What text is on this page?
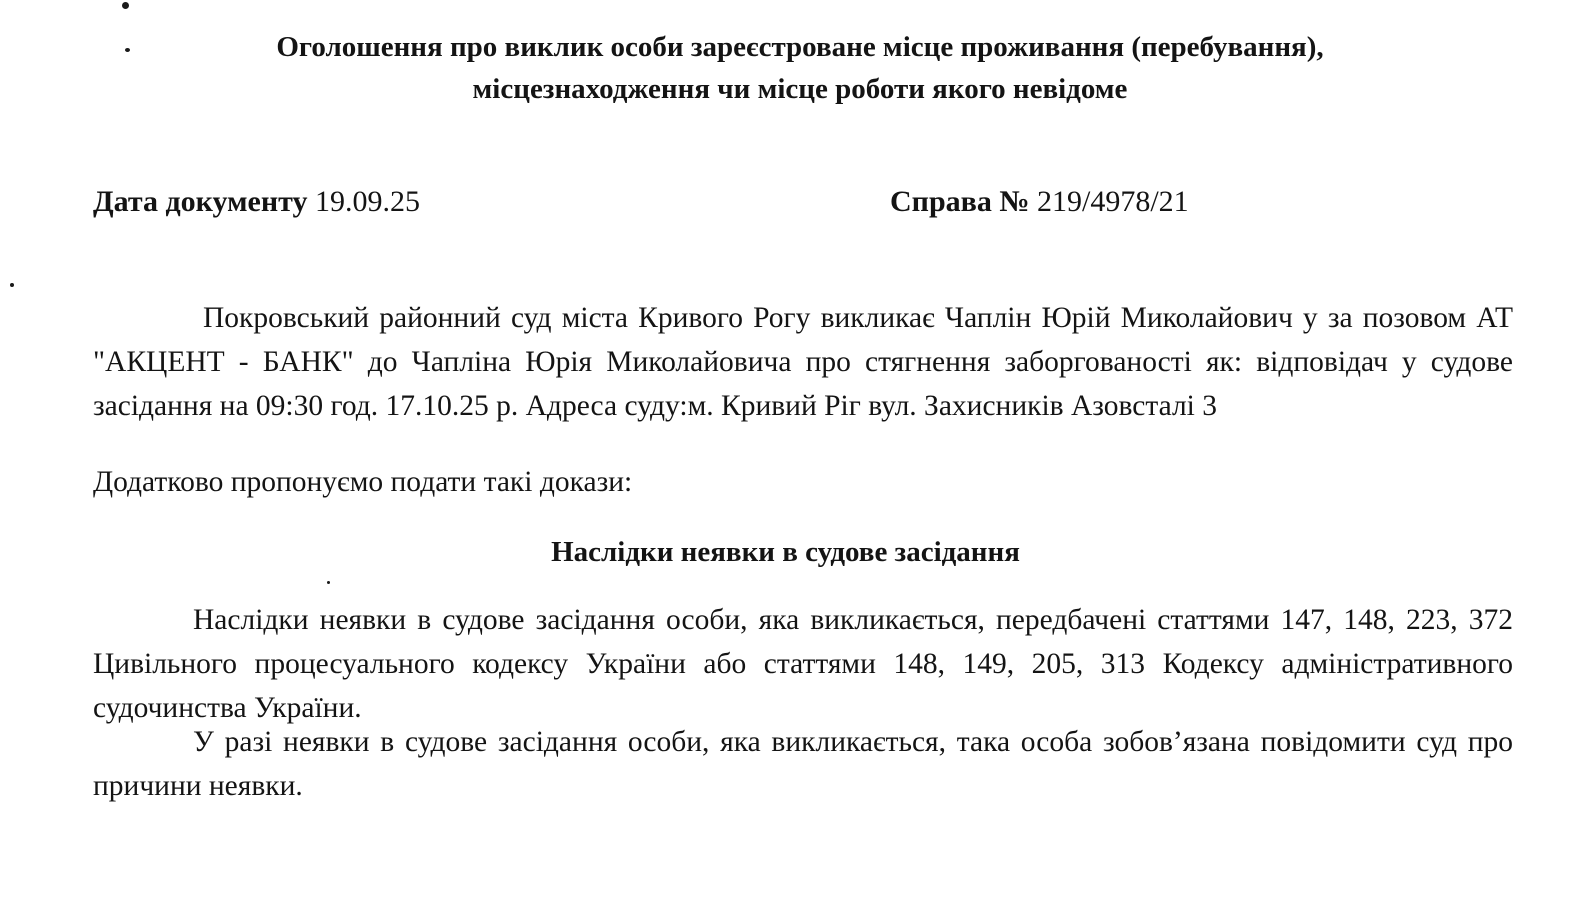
Оголошення про виклик особи зареєстроване місце проживання (перебування),
місцезнаходження чи місце роботи якого невідоме
Дата документу 19.09.25	Справа № 219/4978/21
Покровський районний суд міста Кривого Рогу викликає Чаплін Юрій Миколайович у за позовом АТ "АКЦЕНТ - БАНК" до Чапліна Юрія Миколайовича про стягнення заборгованості як: відповідач у судове засідання на 09:30 год. 17.10.25 р. Адреса суду:м. Кривий Ріг вул. Захисників Азовсталі 3
Додатково пропонуємо подати такі докази:
Наслідки неявки в судове засідання
Наслідки неявки в судове засідання особи, яка викликається, передбачені статтями 147, 148, 223, 372 Цивільного процесуального кодексу України або статтями 148, 149, 205, 313 Кодексу адміністративного судочинства України.
У разі неявки в судове засідання особи, яка викликається, така особа зобов’язана повідомити суд про причини неявки.
